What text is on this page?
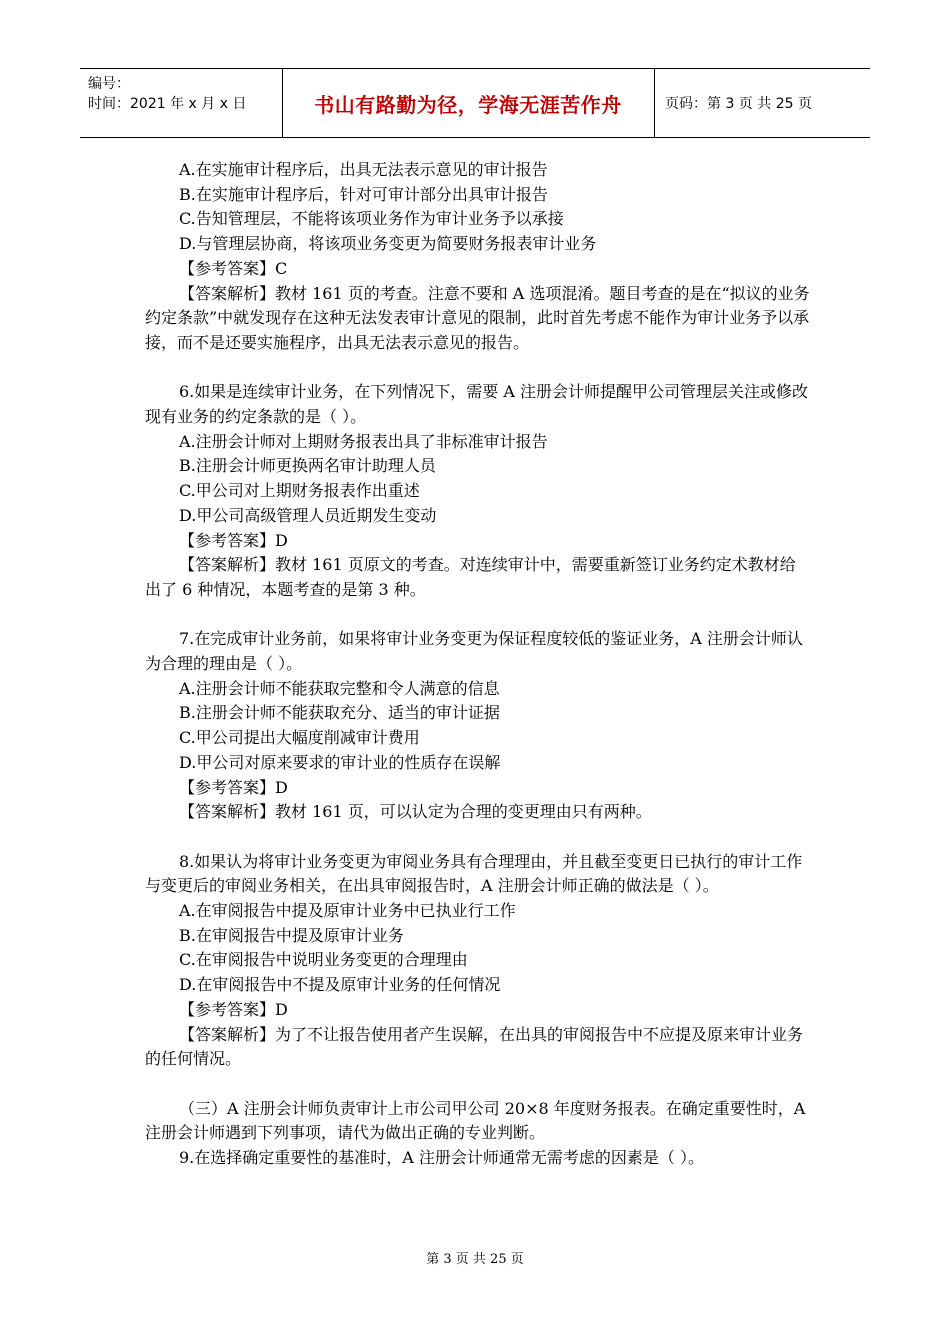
编号：
时间：2021 年 x 月 x 日	书山有路勤为径，学海无涯苦作舟	页码：第 3 页 共 25 页

A.在实施审计程序后，出具无法表示意见的审计报告

B.在实施审计程序后，针对可审计部分出具审计报告

C.告知管理层，不能将该项业务作为审计业务予以承接

D.与管理层协商，将该项业务变更为简要财务报表审计业务

【参考答案】C

【答案解析】教材 161 页的考查。注意不要和 A 选项混淆。题目考查的是在“拟议的业务约定条款”中就发现存在这种无法发表审计意见的限制，此时首先考虑不能作为审计业务予以承接，而不是还要实施程序，出具无法表示意见的报告。

6.如果是连续审计业务，在下列情况下，需要 A 注册会计师提醒甲公司管理层关注或修改现有业务的约定条款的是（ ）。

A.注册会计师对上期财务报表出具了非标准审计报告

B.注册会计师更换两名审计助理人员

C.甲公司对上期财务报表作出重述

D.甲公司高级管理人员近期发生变动

【参考答案】D

【答案解析】教材 161 页原文的考查。对连续审计中，需要重新签订业务约定术教材给出了 6 种情况，本题考查的是第 3 种。

7.在完成审计业务前，如果将审计业务变更为保证程度较低的鉴证业务，A 注册会计师认为合理的理由是（ ）。

A.注册会计师不能获取完整和令人满意的信息

B.注册会计师不能获取充分、适当的审计证据

C.甲公司提出大幅度削减审计费用

D.甲公司对原来要求的审计业的性质存在误解

【参考答案】D

【答案解析】教材 161 页，可以认定为合理的变更理由只有两种。

8.如果认为将审计业务变更为审阅业务具有合理理由，并且截至变更日已执行的审计工作与变更后的审阅业务相关，在出具审阅报告时，A 注册会计师正确的做法是（ ）。

A.在审阅报告中提及原审计业务中已执业行工作

B.在审阅报告中提及原审计业务

C.在审阅报告中说明业务变更的合理理由

D.在审阅报告中不提及原审计业务的任何情况

【参考答案】D

【答案解析】为了不让报告使用者产生误解，在出具的审阅报告中不应提及原来审计业务的任何情况。

（三）A 注册会计师负责审计上市公司甲公司 20×8 年度财务报表。在确定重要性时，A 注册会计师遇到下列事项，请代为做出正确的专业判断。

9.在选择确定重要性的基准时，A 注册会计师通常无需考虑的因素是（ ）。

第 3 页 共 25 页
